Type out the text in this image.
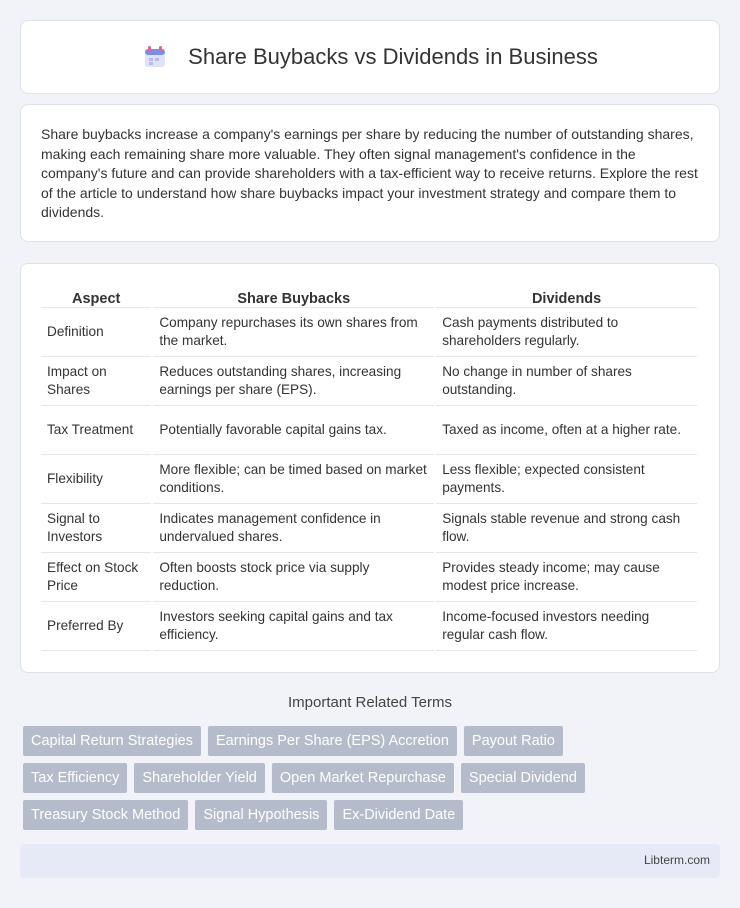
Share Buybacks vs Dividends in Business

Share buybacks increase a company's earnings per share by reducing the number of outstanding shares, making each remaining share more valuable. They often signal management's confidence in the company's future and can provide shareholders with a tax-efficient way to receive returns. Explore the rest of the article to understand how share buybacks impact your investment strategy and compare them to dividends.

Aspect	Share Buybacks	Dividends
Definition	Company repurchases its own shares from the market.	Cash payments distributed to shareholders regularly.
Impact on Shares	Reduces outstanding shares, increasing earnings per share (EPS).	No change in number of shares outstanding.
Tax Treatment	Potentially favorable capital gains tax.	Taxed as income, often at a higher rate.
Flexibility	More flexible; can be timed based on market conditions.	Less flexible; expected consistent payments.
Signal to Investors	Indicates management confidence in undervalued shares.	Signals stable revenue and strong cash flow.
Effect on Stock Price	Often boosts stock price via supply reduction.	Provides steady income; may cause modest price increase.
Preferred By	Investors seeking capital gains and tax efficiency.	Income-focused investors needing regular cash flow.
Important Related Terms
Capital Return Strategies	Earnings Per Share (EPS) Accretion	Payout Ratio
Tax Efficiency	Shareholder Yield	Open Market Repurchase	Special Dividend
Treasury Stock Method	Signal Hypothesis	Ex-Dividend Date
Libterm.com
